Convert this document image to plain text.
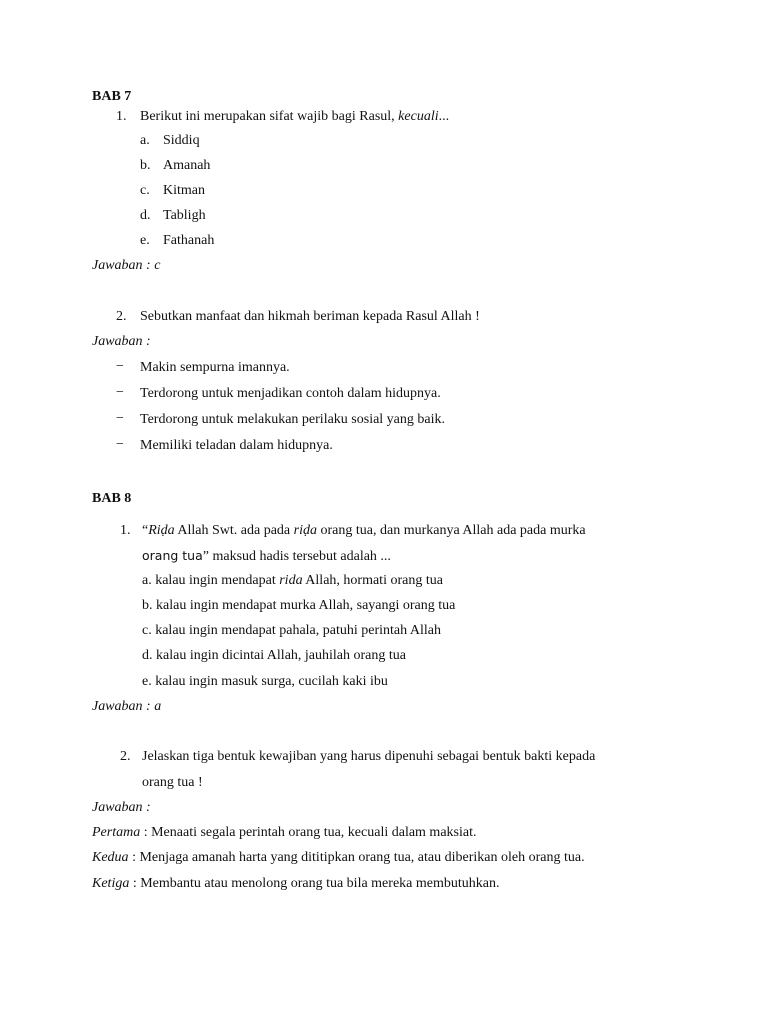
BAB 7
1. Berikut ini merupakan sifat wajib bagi Rasul, kecuali...
a. Siddiq
b. Amanah
c. Kitman
d. Tabligh
e. Fathanah
Jawaban : c
2. Sebutkan manfaat dan hikmah beriman kepada Rasul Allah !
Jawaban :
−	Makin sempurna imannya.
−	Terdorong untuk menjadikan contoh dalam hidupnya.
−	Terdorong untuk melakukan perilaku sosial yang baik.
−	Memiliki teladan dalam hidupnya.
BAB 8
1. “Riḍa Allah Swt. ada pada riḍa orang tua, dan murkanya Allah ada pada murka
orang tua” maksud hadis tersebut adalah ...
a. kalau ingin mendapat rida Allah, hormati orang tua
b. kalau ingin mendapat murka Allah, sayangi orang tua
c. kalau ingin mendapat pahala, patuhi perintah Allah
d. kalau ingin dicintai Allah, jauhilah orang tua
e. kalau ingin masuk surga, cucilah kaki ibu
Jawaban : a
2. Jelaskan tiga bentuk kewajiban yang harus dipenuhi sebagai bentuk bakti kepada
orang tua !
Jawaban :
Pertama : Menaati segala perintah orang tua, kecuali dalam maksiat.
Kedua : Menjaga amanah harta yang dititipkan orang tua, atau diberikan oleh orang tua.
Ketiga : Membantu atau menolong orang tua bila mereka membutuhkan.
